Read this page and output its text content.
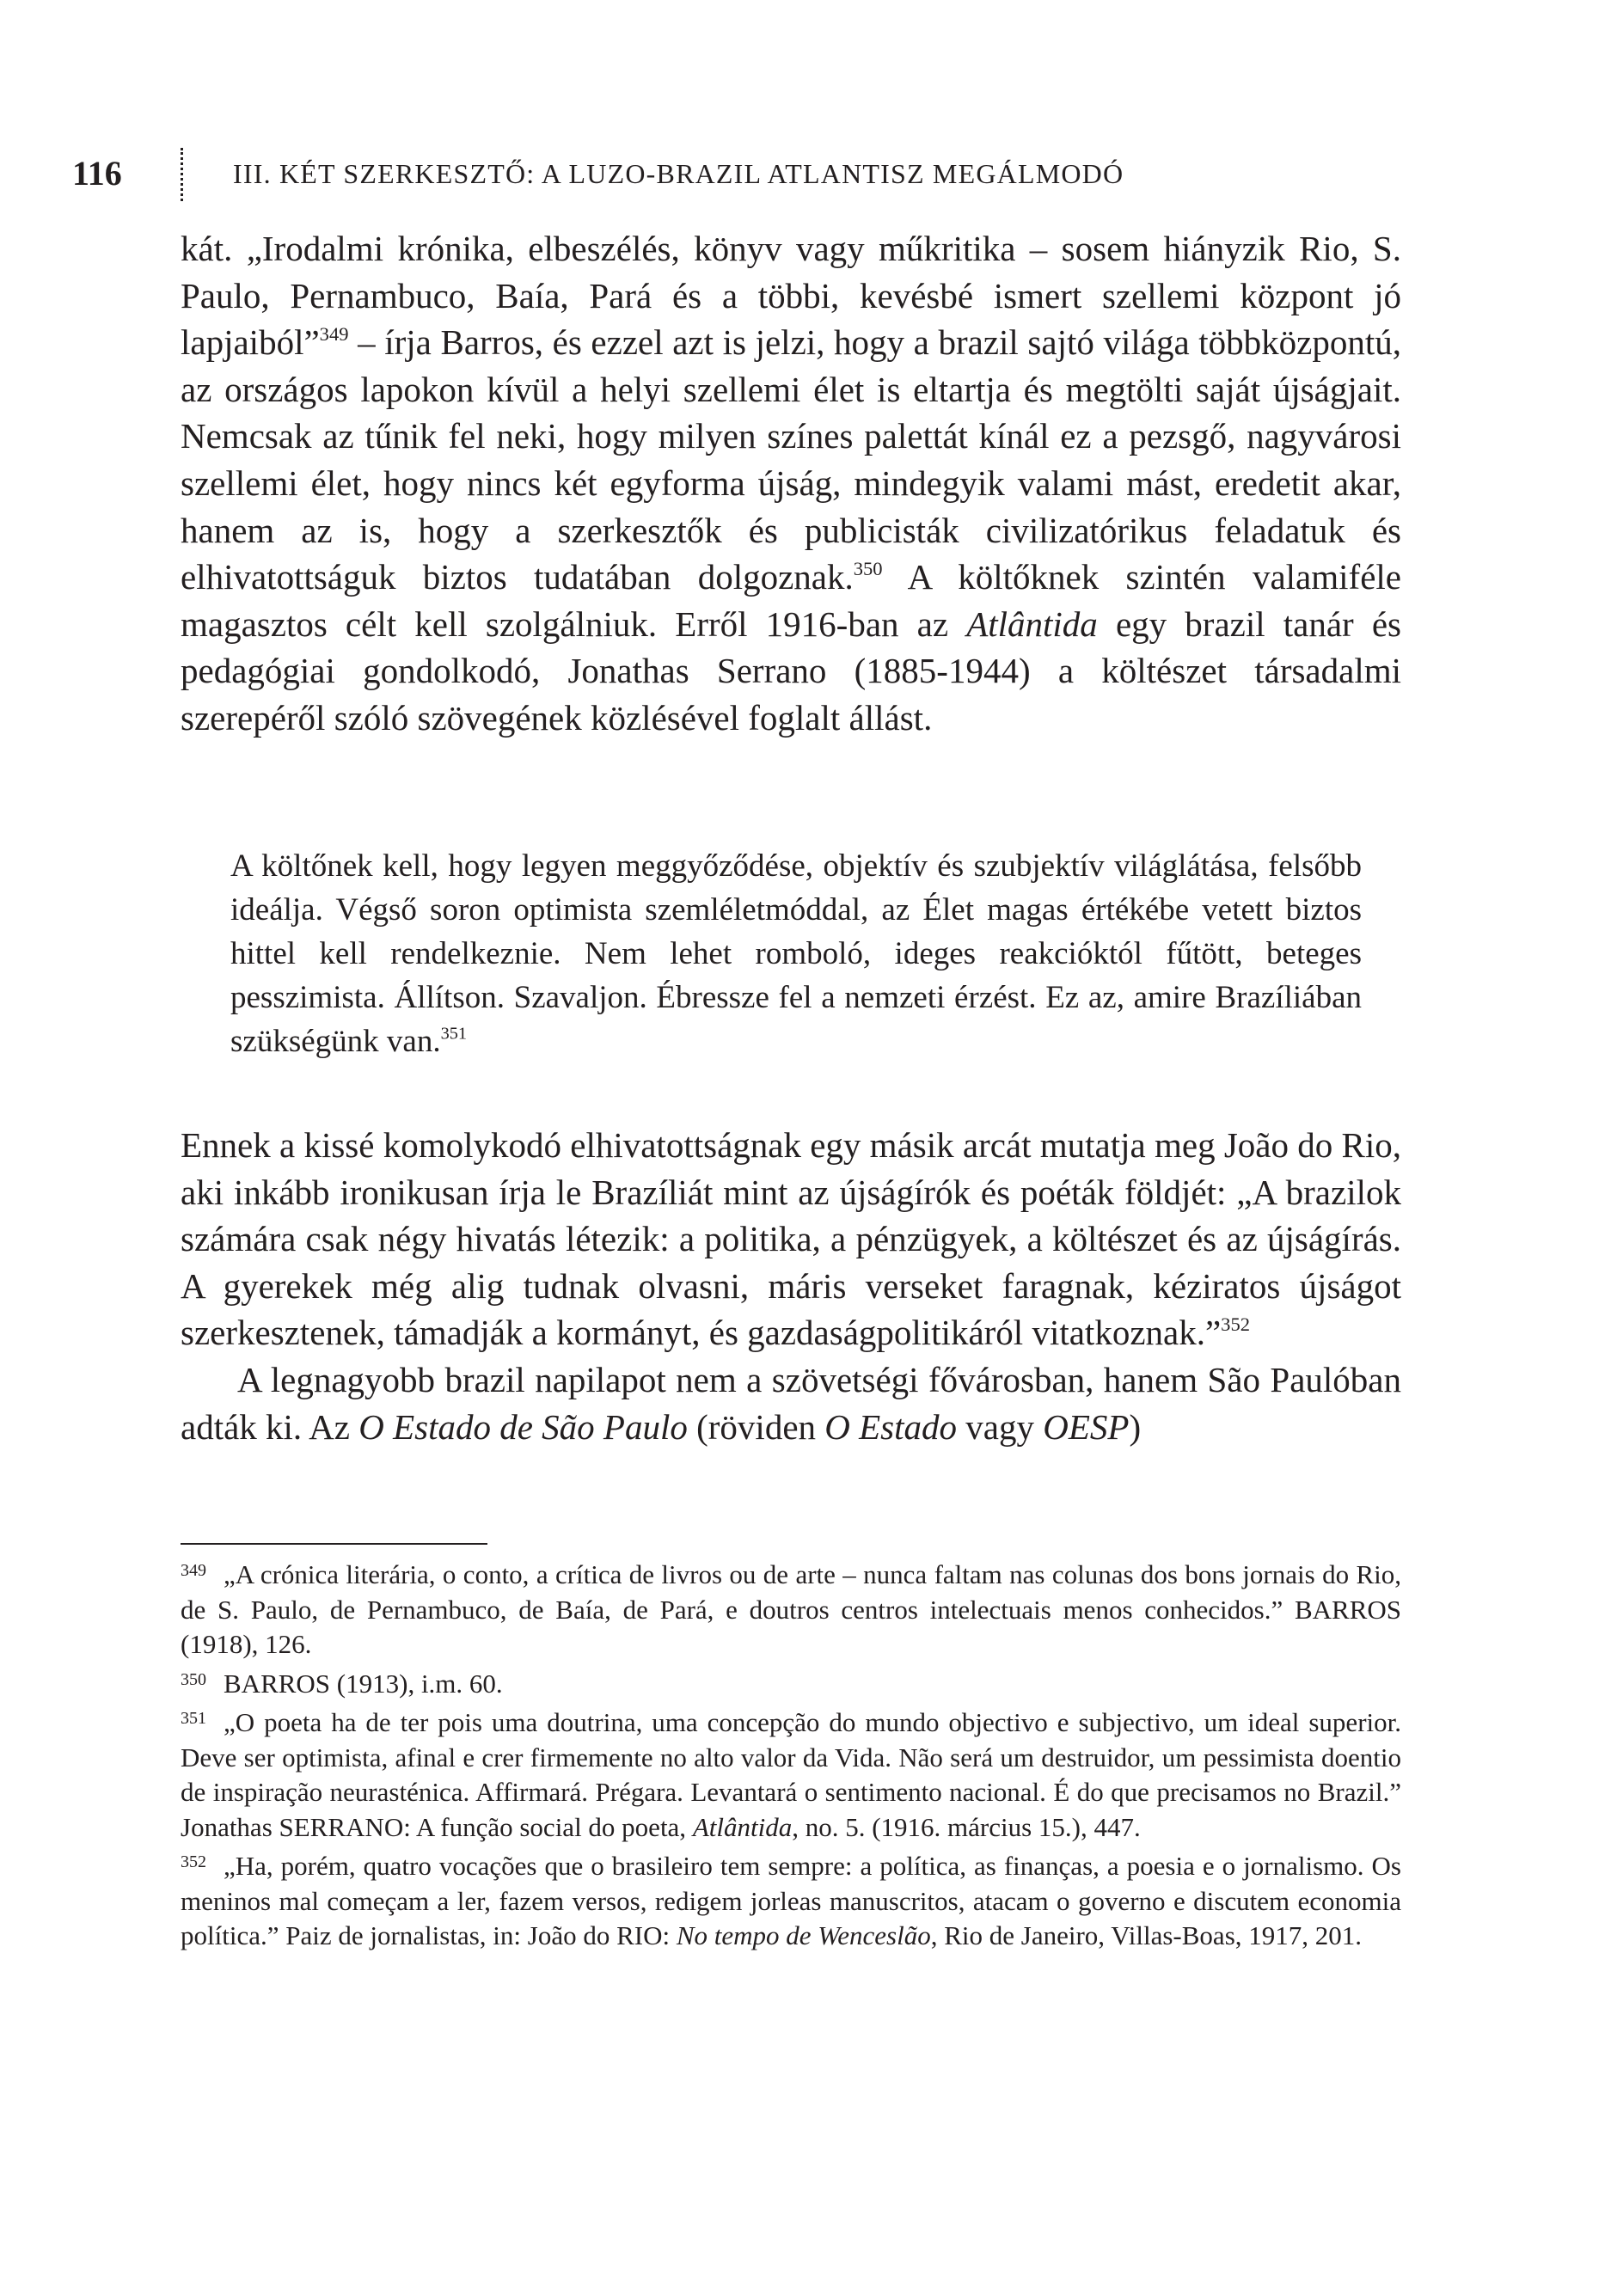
116	III. KÉT SZERKESZTŐ: A LUZO-BRAZIL ATLANTISZ MEGÁLMODÓ

kát. „Irodalmi krónika, elbeszélés, könyv vagy műkritika – sosem hiányzik Rio, S. Paulo, Pernambuco, Baía, Pará és a többi, kevésbé ismert szellemi központ jó lapjaiból”$^{349}$ – írja Barros, és ezzel azt is jelzi, hogy a brazil sajtó világa többközpontú, az országos lapokon kívül a helyi szellemi élet is eltartja és megtölti saját újságjait. Nemcsak az tűnik fel neki, hogy milyen színes palettát kínál ez a pezsgő, nagyvárosi szellemi élet, hogy nincs két egyforma újság, mindegyik valami mást, eredetit akar, hanem az is, hogy a szerkesztők és publicisták civilizatórikus feladatuk és elhivatottságuk biztos tudatában dolgoznak.$^{350}$ A költőknek szintén valamiféle magasztos célt kell szolgálniuk. Erről 1916-ban az Atlântida egy brazil tanár és pedagógiai gondolkodó, Jonathas Serrano (1885-1944) a költészet társadalmi szerepéről szóló szövegének közlésével foglalt állást.

A költőnek kell, hogy legyen meggyőződése, objektív és szubjektív világlátása, felsőbb ideálja. Végső soron optimista szemléletmóddal, az Élet magas értékébe vetett biztos hittel kell rendelkeznie. Nem lehet romboló, ideges reakcióktól fűtött, beteges pesszimista. Állítson. Szavaljon. Ébressze fel a nemzeti érzést. Ez az, amire Brazíliában szükségünk van.$^{351}$

Ennek a kissé komolykodó elhivatottságnak egy másik arcát mutatja meg João do Rio, aki inkább ironikusan írja le Brazíliát mint az újságírók és poéták földjét: „A brazilok számára csak négy hivatás létezik: a politika, a pénzügyek, a költészet és az újságírás. A gyerekek még alig tudnak olvasni, máris verseket faragnak, kéziratos újságot szerkesztenek, támadják a kormányt, és gazdaságpolitikáról vitatkoznak.”$^{352}$

A legnagyobb brazil napilapot nem a szövetségi fővárosban, hanem São Paulóban adták ki. Az O Estado de São Paulo (röviden O Estado vagy OESP)

349 „A crónica literária, o conto, a crítica de livros ou de arte – nunca faltam nas colunas dos bons jornais do Rio, de S. Paulo, de Pernambuco, de Baía, de Pará, e doutros centros intelectuais menos conhecidos.” BARROS (1918), 126.

350 BARROS (1913), i.m. 60.

351 „O poeta ha de ter pois uma doutrina, uma concepção do mundo objectivo e subjectivo, um ideal superior. Deve ser optimista, afinal e crer firmemente no alto valor da Vida. Não será um destruidor, um pessimista doentio de inspiração neurasténica. Affirmará. Prégara. Levantará o sentimento nacional. É do que precisamos no Brazil.” Jonathas SERRANO: A função social do poeta, Atlântida, no. 5. (1916. március 15.), 447.

352 „Ha, porém, quatro vocações que o brasileiro tem sempre: a política, as finanças, a poesia e o jornalismo. Os meninos mal começam a ler, fazem versos, redigem jorleas manuscritos, atacam o governo e discutem economia política.” Paiz de jornalistas, in: João do RIO: No tempo de Wenceslão, Rio de Janeiro, Villas-Boas, 1917, 201.
